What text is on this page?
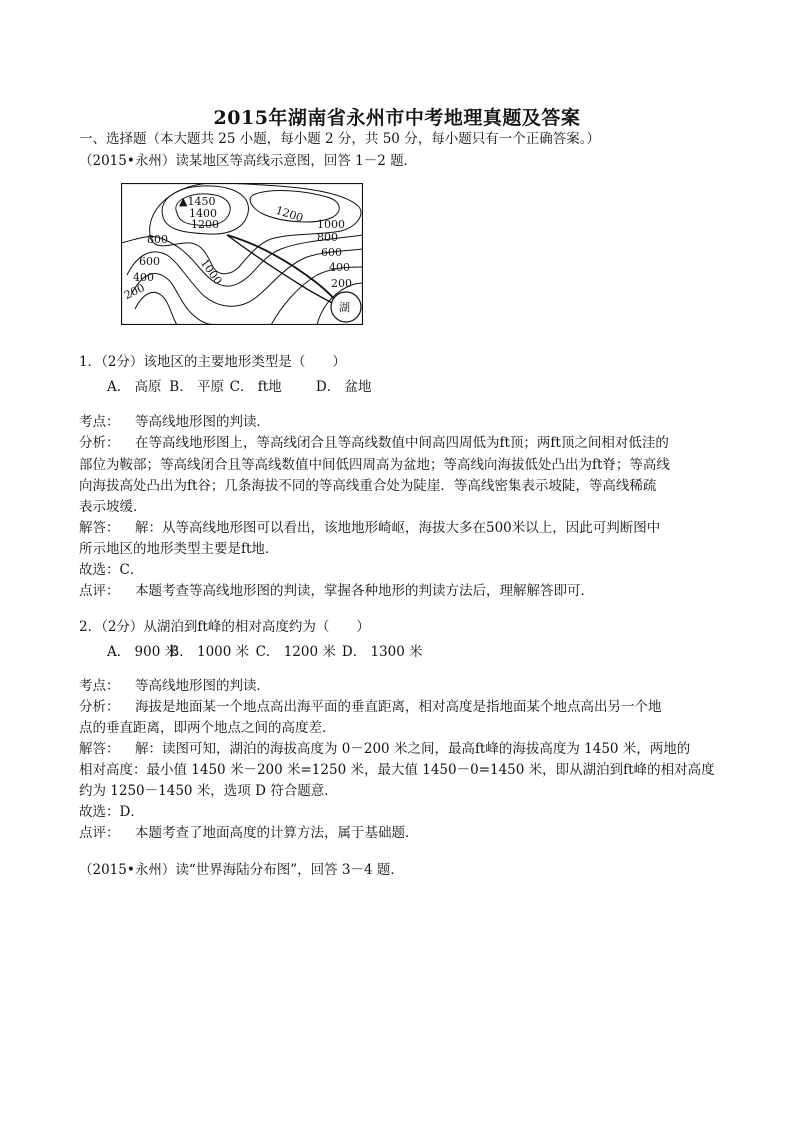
2015年湖南省永州市中考地理真题及答案
一、选择题（本大题共 25 小题，每小题 2 分，共 50 分，每小题只有一个正确答案。）
（2015•永州）读某地区等高线示意图，回答 1－2 题．
▲1450
1400
1200	1200 1000
800	800
600
600
400
400
200	200
1000
湖
1．（2分）该地区的主要地形类型是（　　）
A． 高原 B． 平原 C． ft地	D． 盆地
考点： 等高线地形图的判读．
分析： 在等高线地形图上，等高线闭合且等高线数值中间高四周低为ft顶；两ft顶之间相对低洼的
部位为鞍部；等高线闭合且等高线数值中间低四周高为盆地；等高线向海拔低处凸出为ft脊；等高线
向海拔高处凸出为ft谷；几条海拔不同的等高线重合处为陡崖．等高线密集表示坡陡，等高线稀疏
表示坡缓．
解答： 解：从等高线地形图可以看出，该地地形崎岖，海拔大多在500米以上，因此可判断图中
所示地区的地形类型主要是ft地．
故选：C．
点评： 本题考查等高线地形图的判读，掌握各种地形的判读方法后，理解解答即可．
2．（2分）从湖泊到ft峰的相对高度约为（　　）
A． 900 米 B． 1000 米 C． 1200 米 D． 1300 米
考点： 等高线地形图的判读．
分析： 海拔是地面某一个地点高出海平面的垂直距离，相对高度是指地面某个地点高出另一个地
点的垂直距离，即两个地点之间的高度差．
解答： 解：读图可知，湖泊的海拔高度为 0－200 米之间，最高ft峰的海拔高度为 1450 米，两地的
相对高度：最小值 1450 米－200 米=1250 米，最大值 1450－0=1450 米，即从湖泊到ft峰的相对高度
约为 1250－1450 米，选项 D 符合题意．
故选：D．
点评： 本题考查了地面高度的计算方法，属于基础题．
（2015•永州）读“世界海陆分布图”，回答 3－4 题．
